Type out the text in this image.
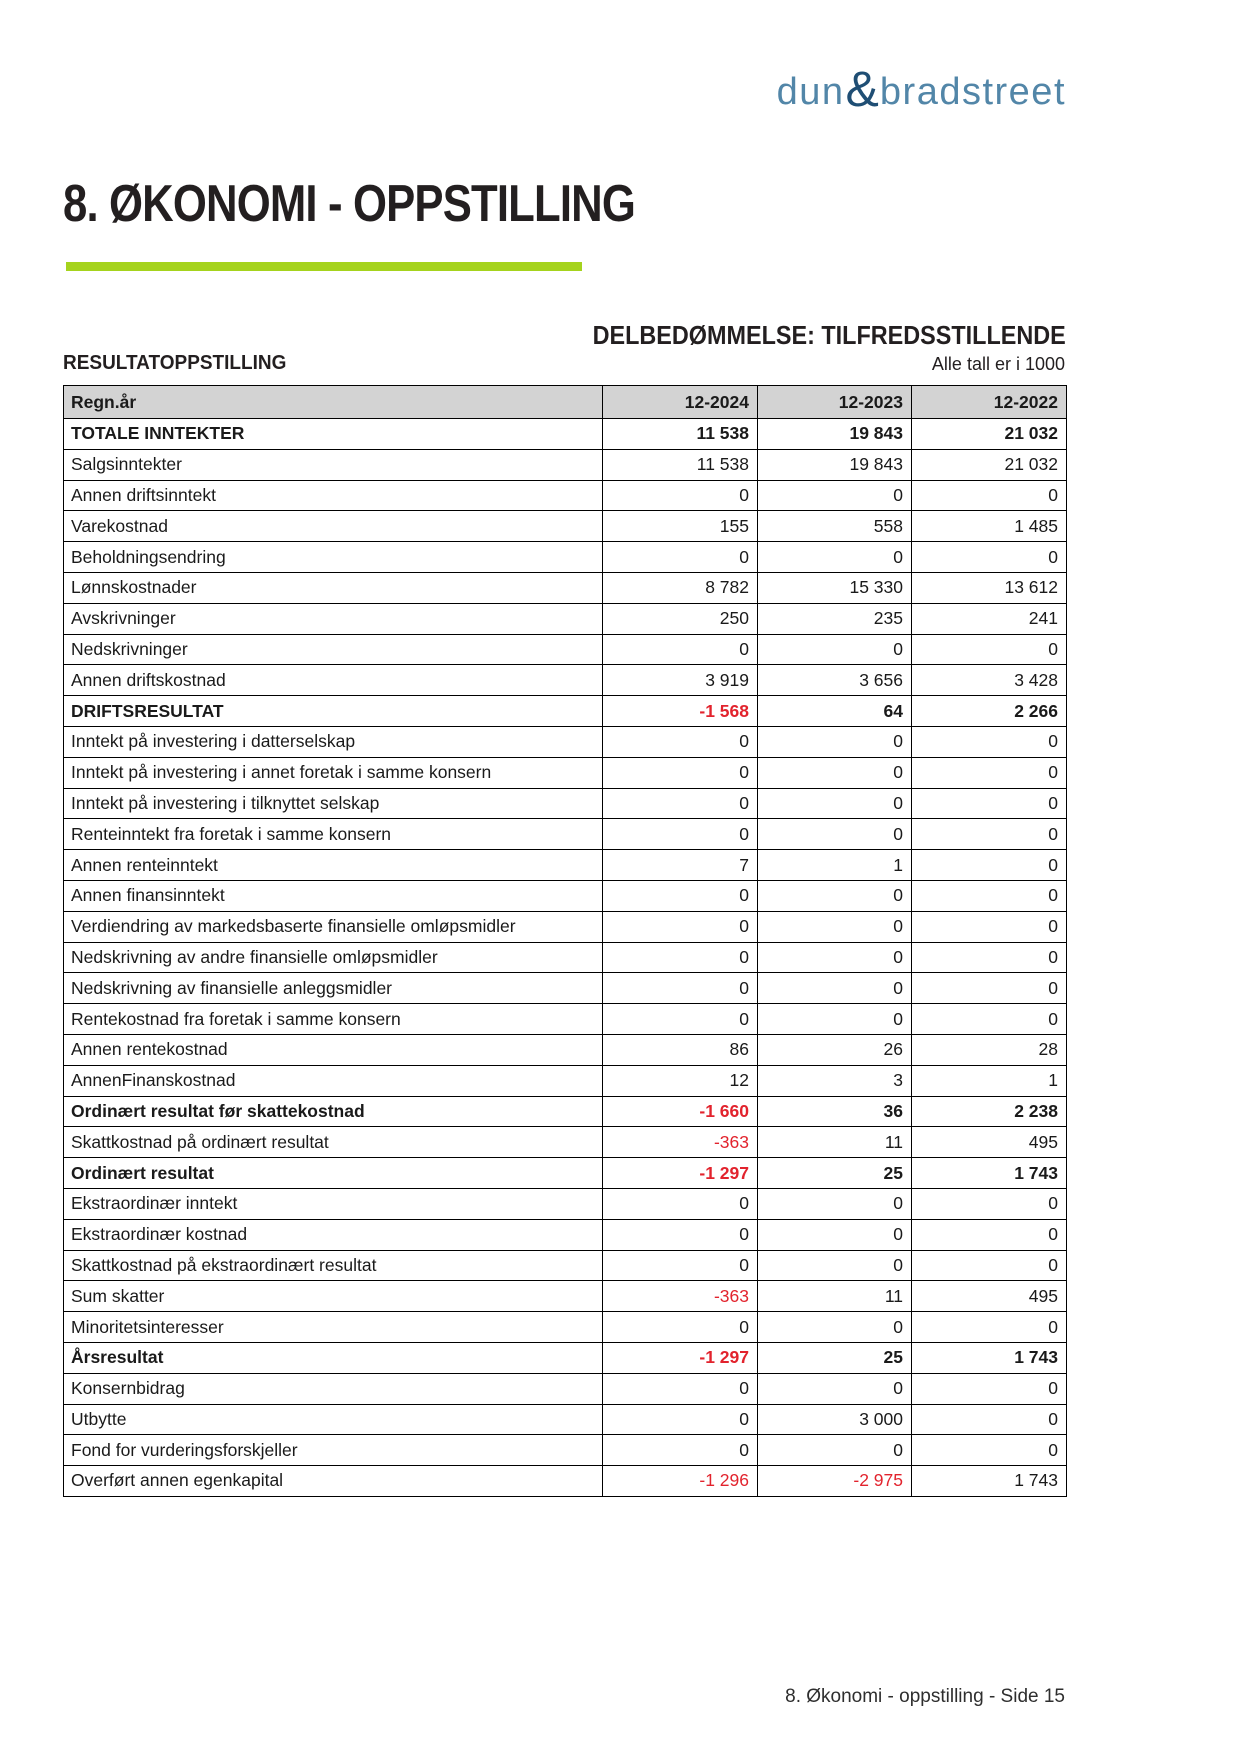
dun & bradstreet
8. ØKONOMI - OPPSTILLING
DELBEDØMMELSE: TILFREDSSTILLENDE
RESULTATOPPSTILLING	Alle tall er i 1000
Regn.år	12-2024	12-2023	12-2022
TOTALE INNTEKTER	11 538	19 843	21 032
Salgsinntekter	11 538	19 843	21 032
Annen driftsinntekt	0	0	0
Varekostnad	155	558	1 485
Beholdningsendring	0	0	0
Lønnskostnader	8 782	15 330	13 612
Avskrivninger	250	235	241
Nedskrivninger	0	0	0
Annen driftskostnad	3 919	3 656	3 428
DRIFTSRESULTAT	-1 568	64	2 266
Inntekt på investering i datterselskap	0	0	0
Inntekt på investering i annet foretak i samme konsern	0	0	0
Inntekt på investering i tilknyttet selskap	0	0	0
Renteinntekt fra foretak i samme konsern	0	0	0
Annen renteinntekt	7	1	0
Annen finansinntekt	0	0	0
Verdiendring av markedsbaserte finansielle omløpsmidler	0	0	0
Nedskrivning av andre finansielle omløpsmidler	0	0	0
Nedskrivning av finansielle anleggsmidler	0	0	0
Rentekostnad fra foretak i samme konsern	0	0	0
Annen rentekostnad	86	26	28
AnnenFinanskostnad	12	3	1
Ordinært resultat før skattekostnad	-1 660	36	2 238
Skattkostnad på ordinært resultat	-363	11	495
Ordinært resultat	-1 297	25	1 743
Ekstraordinær inntekt	0	0	0
Ekstraordinær kostnad	0	0	0
Skattkostnad på ekstraordinært resultat	0	0	0
Sum skatter	-363	11	495
Minoritetsinteresser	0	0	0
Årsresultat	-1 297	25	1 743
Konsernbidrag	0	0	0
Utbytte	0	3 000	0
Fond for vurderingsforskjeller	0	0	0
Overført annen egenkapital	-1 296	-2 975	1 743
8. Økonomi - oppstilling - Side 15
